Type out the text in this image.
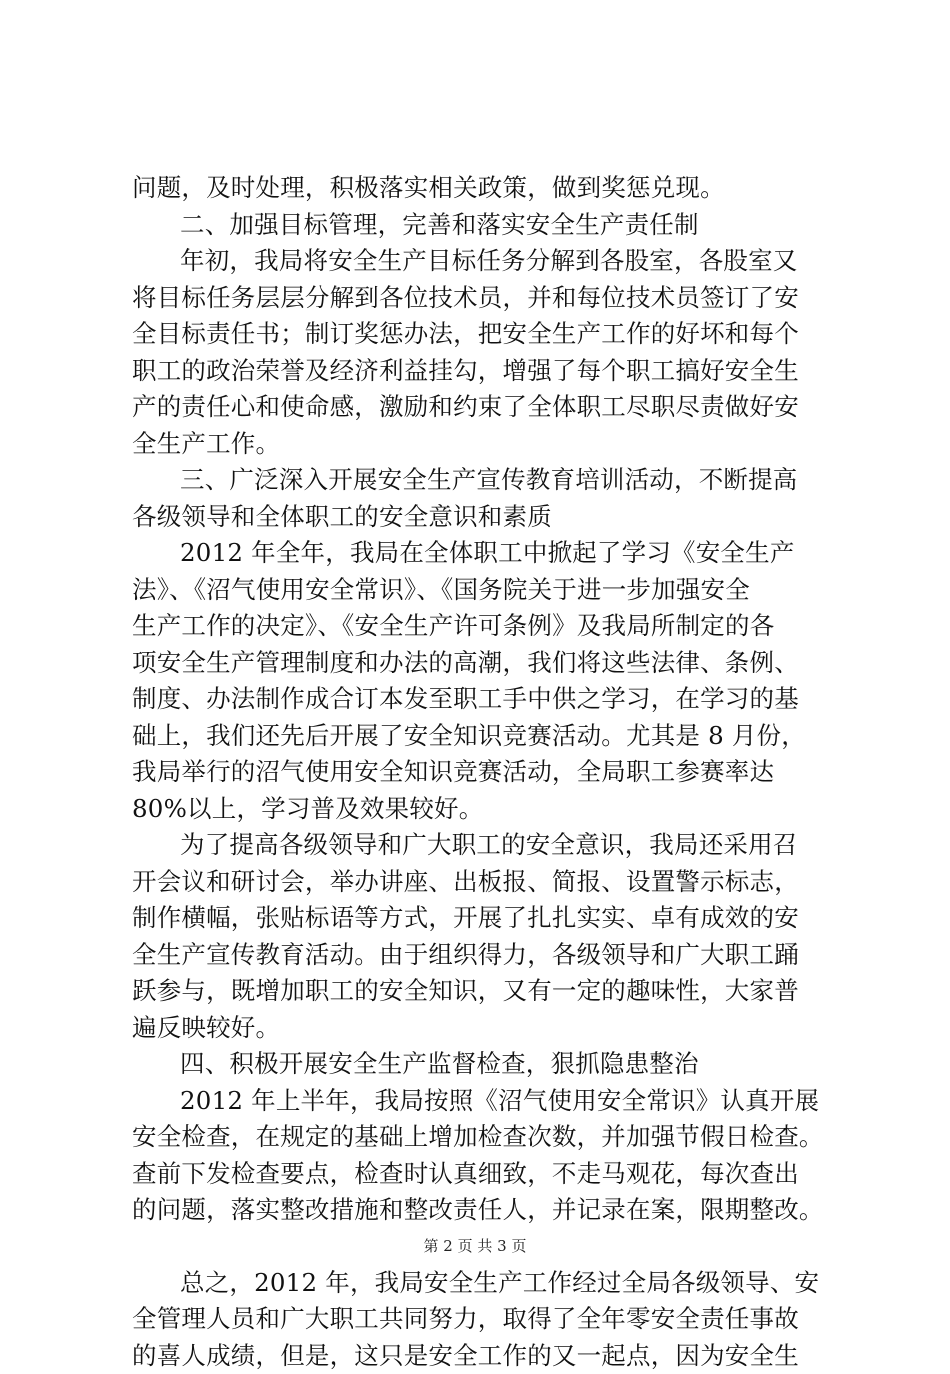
问题，及时处理，积极落实相关政策，做到奖惩兑现。
二、加强目标管理，完善和落实安全生产责任制
年初，我局将安全生产目标任务分解到各股室，各股室又
将目标任务层层分解到各位技术员，并和每位技术员签订了安
全目标责任书；制订奖惩办法，把安全生产工作的好坏和每个
职工的政治荣誉及经济利益挂勾，增强了每个职工搞好安全生
产的责任心和使命感，激励和约束了全体职工尽职尽责做好安
全生产工作。
三、广泛深入开展安全生产宣传教育培训活动，不断提高
各级领导和全体职工的安全意识和素质
2012 年全年，我局在全体职工中掀起了学习《安全生产
法》、《沼气使用安全常识》、《国务院关于进一步加强安全
生产工作的决定》、《安全生产许可条例》及我局所制定的各
项安全生产管理制度和办法的高潮，我们将这些法律、条例、
制度、办法制作成合订本发至职工手中供之学习，在学习的基
础上，我们还先后开展了安全知识竞赛活动。尤其是 8 月份，
我局举行的沼气使用安全知识竞赛活动，全局职工参赛率达
80%以上，学习普及效果较好。
为了提高各级领导和广大职工的安全意识，我局还采用召
开会议和研讨会，举办讲座、出板报、简报、设置警示标志，
制作横幅，张贴标语等方式，开展了扎扎实实、卓有成效的安
全生产宣传教育活动。由于组织得力，各级领导和广大职工踊
跃参与，既增加职工的安全知识，又有一定的趣味性，大家普
遍反映较好。
四、积极开展安全生产监督检查，狠抓隐患整治
2012 年上半年，我局按照《沼气使用安全常识》认真开展
安全检查，在规定的基础上增加检查次数，并加强节假日检查。
查前下发检查要点，检查时认真细致，不走马观花，每次查出
的问题，落实整改措施和整改责任人，并记录在案，限期整改。
总之，2012 年，我局安全生产工作经过全局各级领导、安
全管理人员和广大职工共同努力，取得了全年零安全责任事故
的喜人成绩，但是，这只是安全工作的又一起点，因为安全生
第 2 页 共 3 页
